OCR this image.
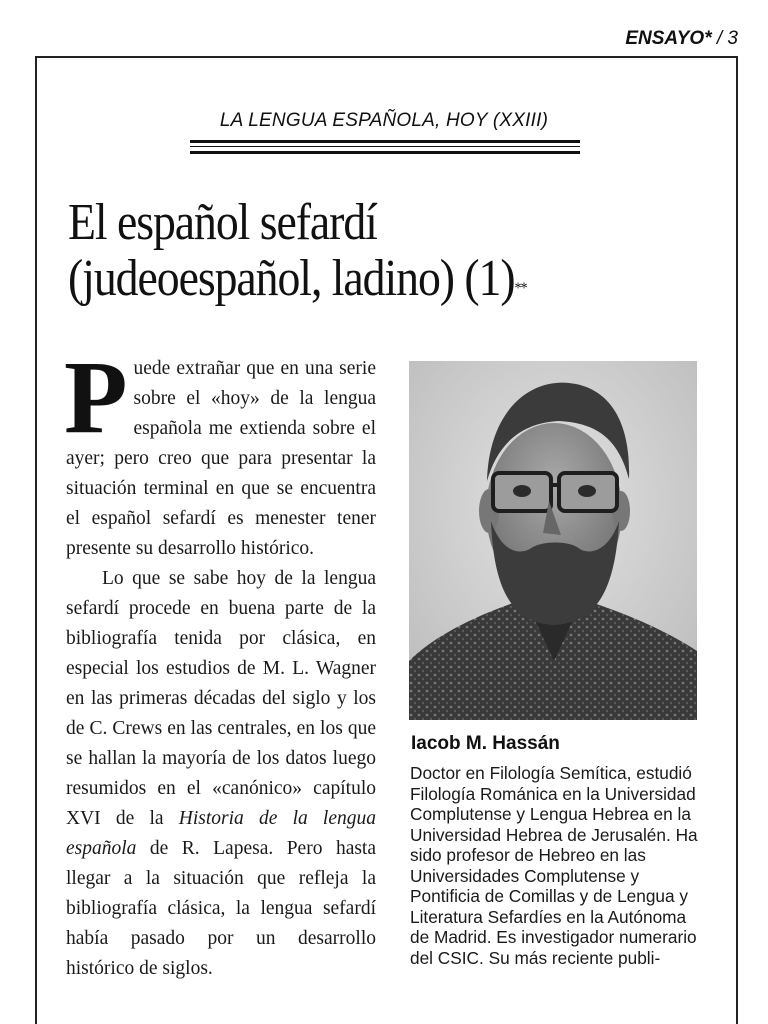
ENSAYO* / 3
LA LENGUA ESPAÑOLA, HOY (XXIII)
El español sefardí
(judeoespañol, ladino) (1)**

Puede extrañar que en una serie sobre el «hoy» de la lengua española me extienda sobre el ayer; pero creo que para presentar la situación terminal en que se encuentra el español sefardí es menester tener presente su desarrollo histórico.

Lo que se sabe hoy de la lengua sefardí procede en buena parte de la bibliografía tenida por clásica, en especial los estudios de M. L. Wagner en las primeras décadas del siglo y los de C. Crews en las centrales, en los que se hallan la mayoría de los datos luego resumidos en el «canónico» capítulo XVI de la Historia de la lengua española de R. Lapesa. Pero hasta llegar a la situación que refleja la bibliografía clásica, la lengua sefardí había pasado por un desarrollo histórico de siglos.

Iacob M. Hassán
Doctor en Filología Semítica, estudió Filología Románica en la Universidad Complutense y Lengua Hebrea en la Universidad Hebrea de Jerusalén. Ha sido profesor de Hebreo en las Universidades Complutense y Pontificia de Comillas y de Lengua y Literatura Sefardíes en la Autónoma de Madrid. Es investigador numerario del CSIC. Su más reciente publi-
